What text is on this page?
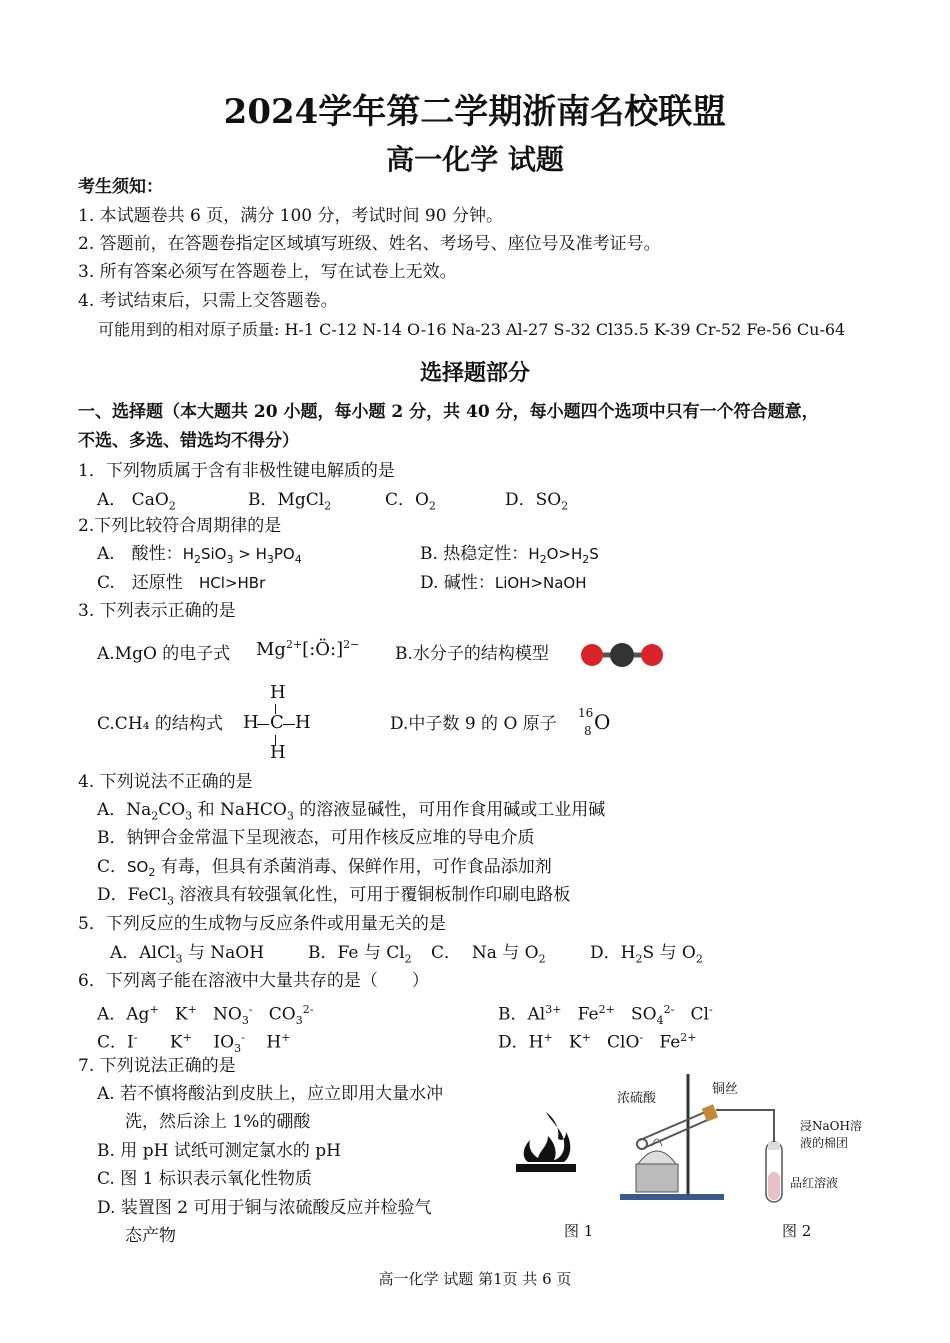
2024学年第二学期浙南名校联盟
高一化学 试题
考生须知：
1. 本试题卷共 6 页，满分 100 分，考试时间 90 分钟。
2. 答题前，在答题卷指定区域填写班级、姓名、考场号、座位号及准考证号。
3. 所有答案必须写在答题卷上，写在试卷上无效。
4. 考试结束后，只需上交答题卷。
可能用到的相对原子质量: H-1 C-12 N-14 O-16 Na-23 Al-27 S-32 Cl35.5 K-39 Cr-52 Fe-56 Cu-64
选择题部分
一、选择题（本大题共 20 小题，每小题 2 分，共 40 分，每小题四个选项中只有一个符合题意，
不选、多选、错选均不得分）
1．下列物质属于含有非极性键电解质的是
A． CaO$_2$	B．MgCl$_2$	C．$O_2$	D．$SO_2$
2.下列比较符合周期律的是
A.　酸性：$H_2SiO_3 > H_3PO_4$	B. 热稳定性：$H_2O>H_2S$
C.　还原性 HCl>HBr	D. 碱性：LiOH>NaOH
3. 下列表示正确的是
A.MgO 的电子式 $Mg^{2+}[:Ö:]^{2-}$ B.水分子的结构模型
C.CH₄ 的结构式
H
H C H
H
D.中子数 9 的 O 原子
16
8 O
4. 下列说法不正确的是
A．$Na_2CO_3$ 和 NaHCO$_3$ 的溶液显碱性，可用作食用碱或工业用碱
B．钠钾合金常温下呈现液态，可用作核反应堆的导电介质
C．$SO_2$ 有毒，但具有杀菌消毒、保鲜作用，可作食品添加剂
D．FeCl$_3$ 溶液具有较强氧化性，可用于覆铜板制作印刷电路板
5．下列反应的生成物与反应条件或用量无关的是
A．AlCl$_3$ 与 NaOH	B．Fe 与 $Cl_2$ C．  Na 与 $O_2$	D．$H_2S$ 与 $O_2$
6．下列离子能在溶液中大量共存的是（　　）
A．Ag+   K+   $NO_3^-$   $CO_3^{2-}$	B．$Al^{3+}$   $Fe^{2+}$   $SO_4^{2-}$   Cl-
C．I-      K+    $IO_3^-$    H+	D．H+   K+   ClO-   $Fe^{2+}$
7. 下列说法正确的是
A. 若不慎将酸沾到皮肤上，应立即用大量水冲
洗，然后涂上 1%的硼酸
B. 用 pH 试纸可测定氯水的 pH
C. 图 1 标识表示氧化性物质
D. 装置图 2 可用于铜与浓硫酸反应并检验气
态产物	图 1
浓硫酸
铜丝
浸NaOH溶
液的棉团
品红溶液
图 2
高一化学 试题 第1页 共 6 页
